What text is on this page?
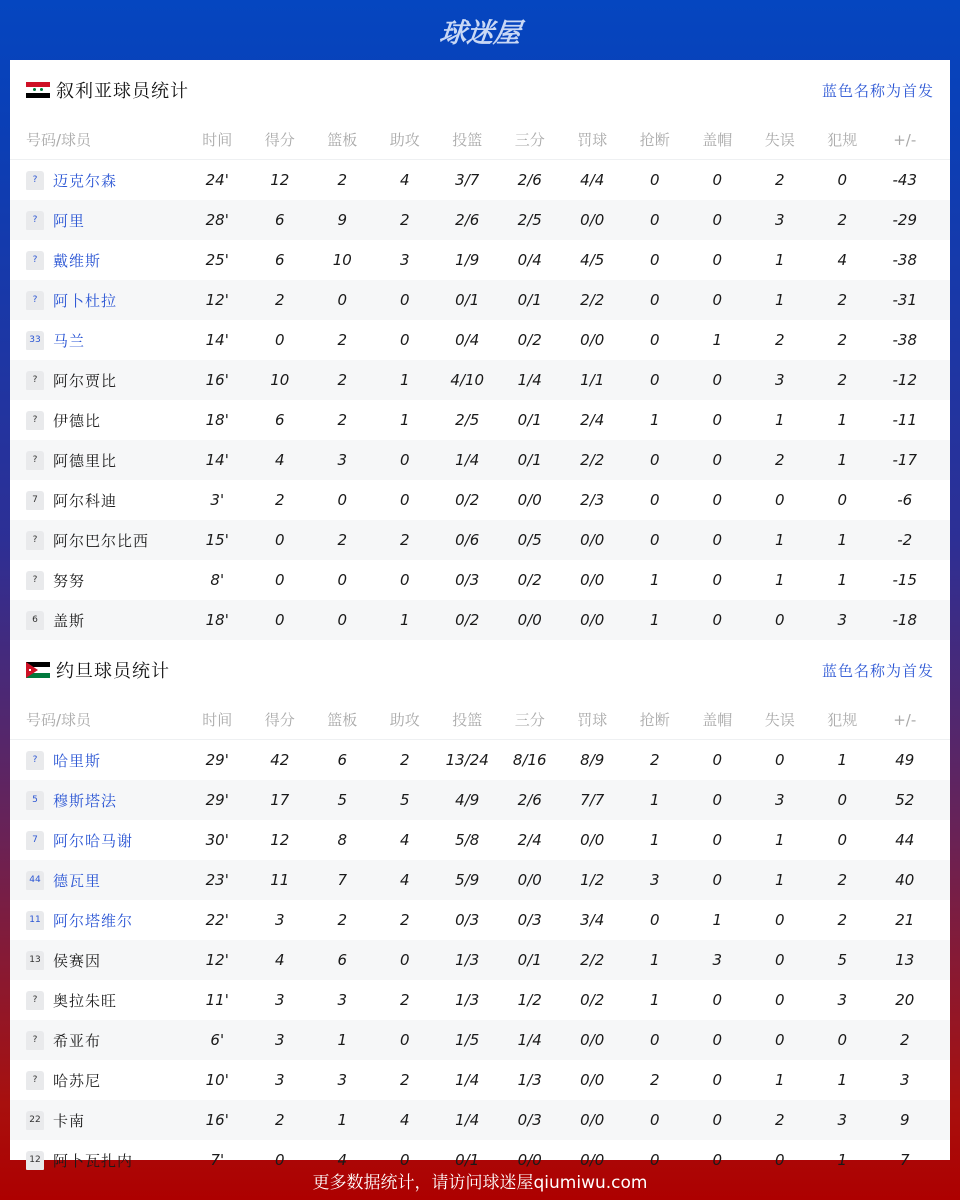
球迷屋
叙利亚球员统计	蓝色名称为首发
号码/球员	时间	得分	篮板	助攻	投篮	三分	罚球	抢断	盖帽	失误	犯规	+/-
?	迈克尔森	24'	12	2	4	3/7	2/6	4/4	0	0	2	0	-43
?	阿里	28'	6	9	2	2/6	2/5	0/0	0	0	3	2	-29
?	戴维斯	25'	6	10	3	1/9	0/4	4/5	0	0	1	4	-38
?	阿卜杜拉	12'	2	0	0	0/1	0/1	2/2	0	0	1	2	-31
33 马兰	14'	0	2	0	0/4	0/2	0/0	0	1	2	2	-38
?	阿尔贾比	16'	10	2	1	4/10	1/4	1/1	0	0	3	2	-12
?	伊德比	18'	6	2	1	2/5	0/1	2/4	1	0	1	1	-11
?	阿德里比	14'	4	3	0	1/4	0/1	2/2	0	0	2	1	-17
7	阿尔科迪	3'	2	0	0	0/2	0/0	2/3	0	0	0	0	-6
?	阿尔巴尔比西	15'	0	2	2	0/6	0/5	0/0	0	0	1	1	-2
?	努努	8'	0	0	0	0/3	0/2	0/0	1	0	1	1	-15
6	盖斯	18'	0	0	1	0/2	0/0	0/0	1	0	0	3	-18
约旦球员统计	蓝色名称为首发
号码/球员	时间	得分	篮板	助攻	投篮	三分	罚球	抢断	盖帽	失误	犯规	+/-
?	哈里斯	29'	42	6	2	13/24	8/16	8/9	2	0	0	1	49
5	穆斯塔法	29'	17	5	5	4/9	2/6	7/7	1	0	3	0	52
7	阿尔哈马谢	30'	12	8	4	5/8	2/4	0/0	1	0	1	0	44
44 德瓦里	23'	11	7	4	5/9	0/0	1/2	3	0	1	2	40
11 阿尔塔维尔	22'	3	2	2	0/3	0/3	3/4	0	1	0	2	21
13 侯赛因	12'	4	6	0	1/3	0/1	2/2	1	3	0	5	13
?	奥拉朱旺	11'	3	3	2	1/3	1/2	0/2	1	0	0	3	20
?	希亚布	6'	3	1	0	1/5	1/4	0/0	0	0	0	0	2
?	哈苏尼	10'	3	3	2	1/4	1/3	0/0	2	0	1	1	3
22 卡南	16'	2	1	4	1/4	0/3	0/0	0	0	2	3	9
12 阿卜瓦扎内	7'	0	4	0	0/1	0/0	0/0	0	0	0	1	7
更多数据统计，请访问球迷屋qiumiwu.com
